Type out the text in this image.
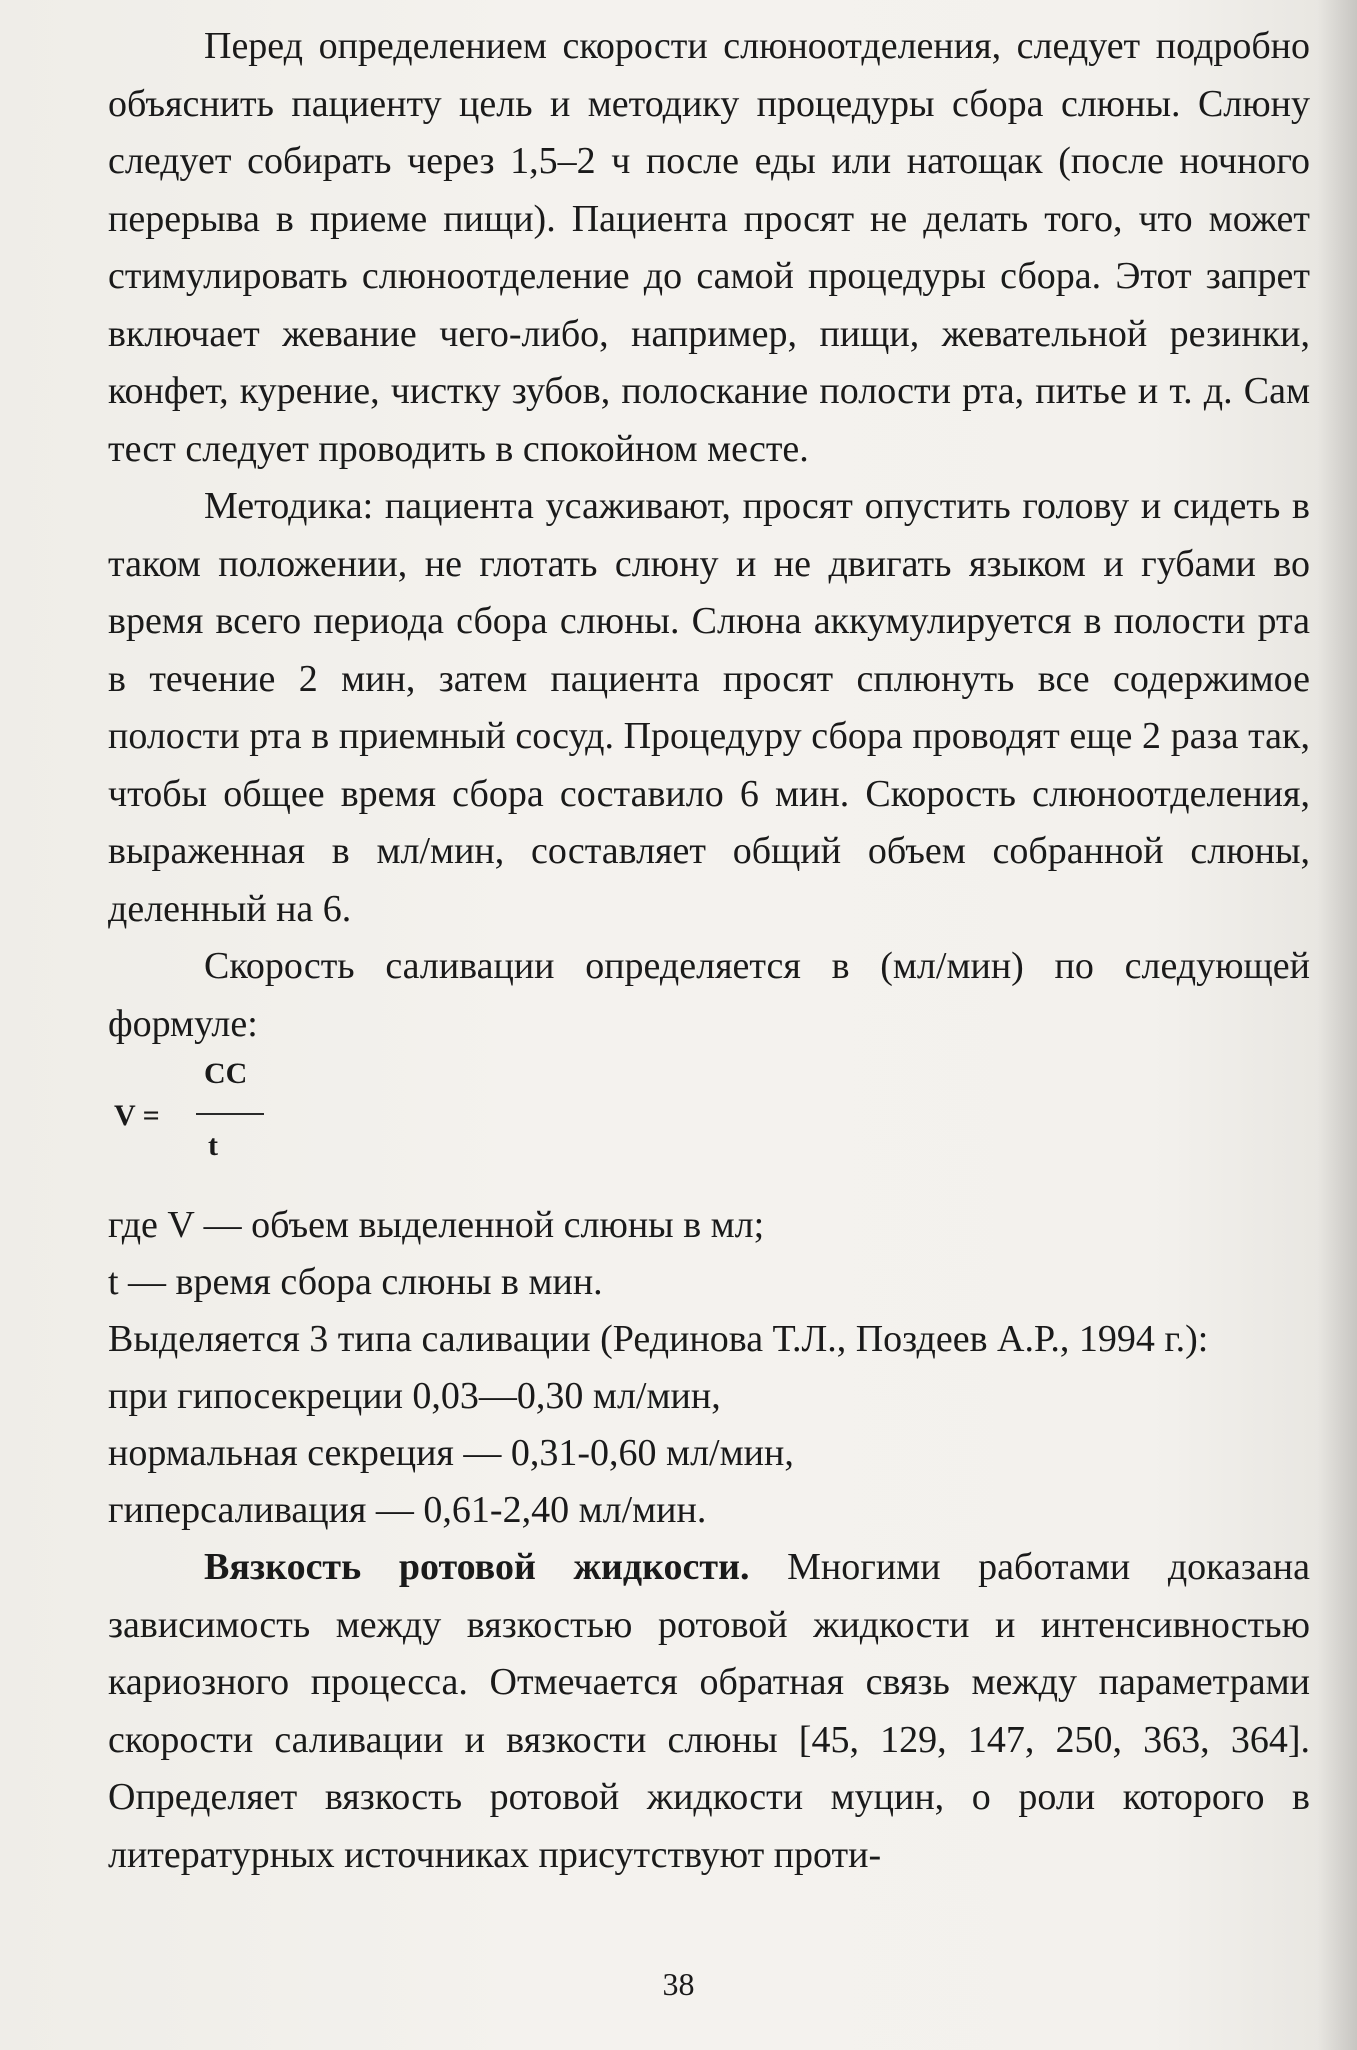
Перед определением скорости слюноотделения, следует подробно объяснить пациенту цель и методику процедуры сбора слюны. Слюну следует собирать через 1,5–2 ч после еды или натощак (после ночного перерыва в приеме пищи). Пациента просят не делать того, что может стимулировать слюноотделение до самой процедуры сбора. Этот запрет включает жевание чего-либо, например, пищи, жевательной резинки, конфет, курение, чистку зубов, полоскание полости рта, питье и т. д. Сам тест следует проводить в спокойном месте.

Методика: пациента усаживают, просят опустить голову и сидеть в таком положении, не глотать слюну и не двигать языком и губами во время всего периода сбора слюны. Слюна аккумулируется в полости рта в течение 2 мин, затем пациента просят сплюнуть все содержимое полости рта в приемный сосуд. Процедуру сбора проводят еще 2 раза так, чтобы общее время сбора составило 6 мин. Скорость слюноотделения, выраженная в мл/мин, составляет общий объем собранной слюны, деленный на 6.

Скорость саливации определяется в (мл/мин) по следующей формуле:

V =
CC
t

где V — объем выделенной слюны в мл;

t — время сбора слюны в мин.

Выделяется 3 типа саливации (Рединова Т.Л., Поздеев А.Р., 1994 г.):

при гипосекреции 0,03—0,30 мл/мин,

нормальная секреция — 0,31-0,60 мл/мин,

гиперсаливация — 0,61-2,40 мл/мин.

Вязкость ротовой жидкости. Многими работами доказана зависимость между вязкостью ротовой жидкости и интенсивностью кариозного процесса. Отмечается обратная связь между параметрами скорости саливации и вязкости слюны [45, 129, 147, 250, 363, 364]. Определяет вязкость ротовой жидкости муцин, о роли которого в литературных источниках присутствуют проти-

38
